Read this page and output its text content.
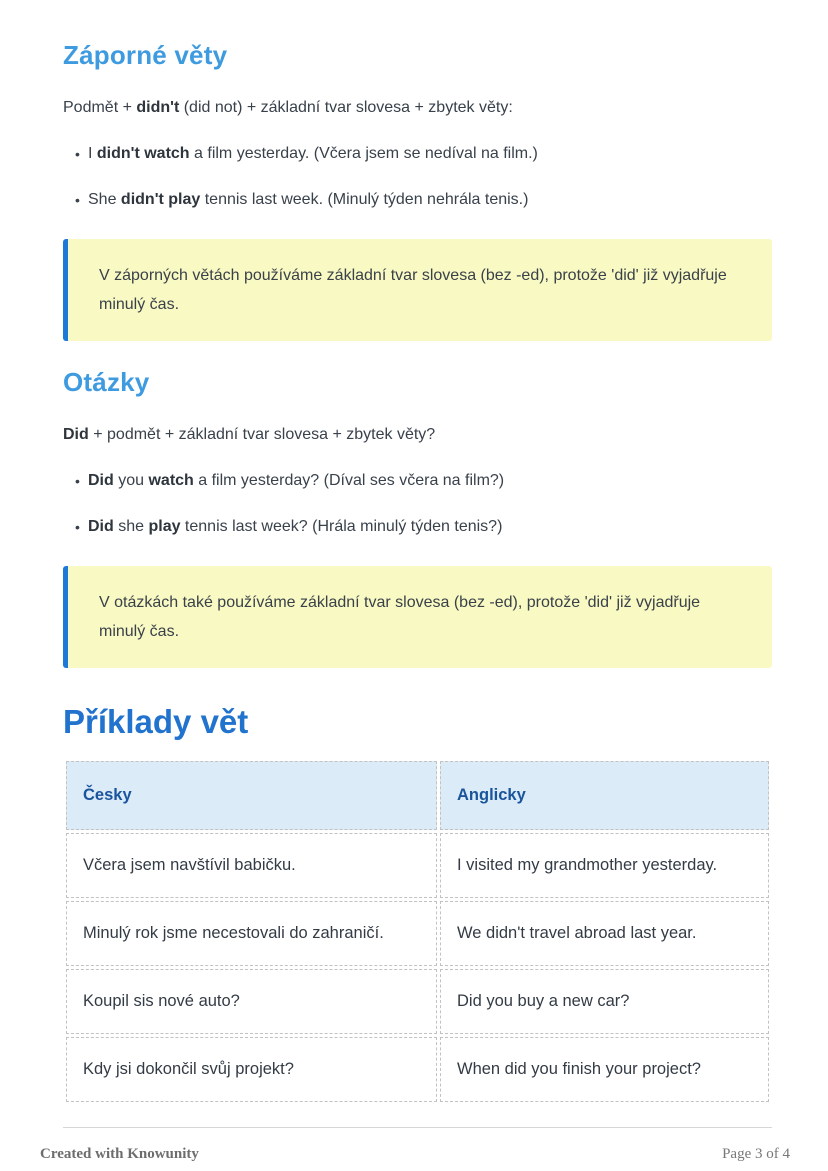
Záporné věty

Podmět + didn't (did not) + základní tvar slovesa + zbytek věty:

• I didn't watch a film yesterday. (Včera jsem se nedíval na film.)
• She didn't play tennis last week. (Minulý týden nehrála tenis.)
V záporných větách používáme základní tvar slovesa (bez -ed), protože 'did' již vyjadřuje minulý čas.
Otázky

Did + podmět + základní tvar slovesa + zbytek věty?

• Did you watch a film yesterday? (Díval ses včera na film?)
• Did she play tennis last week? (Hrála minulý týden tenis?)
V otázkách také používáme základní tvar slovesa (bez -ed), protože 'did' již vyjadřuje minulý čas.
Příklady vět
Česky	Anglicky
Včera jsem navštívil babičku.	I visited my grandmother yesterday.
Minulý rok jsme necestovali do zahraničí.	We didn't travel abroad last year.
Koupil sis nové auto?	Did you buy a new car?
Kdy jsi dokončil svůj projekt?	When did you finish your project?
Created with Knowunity	Page 3 of 4
